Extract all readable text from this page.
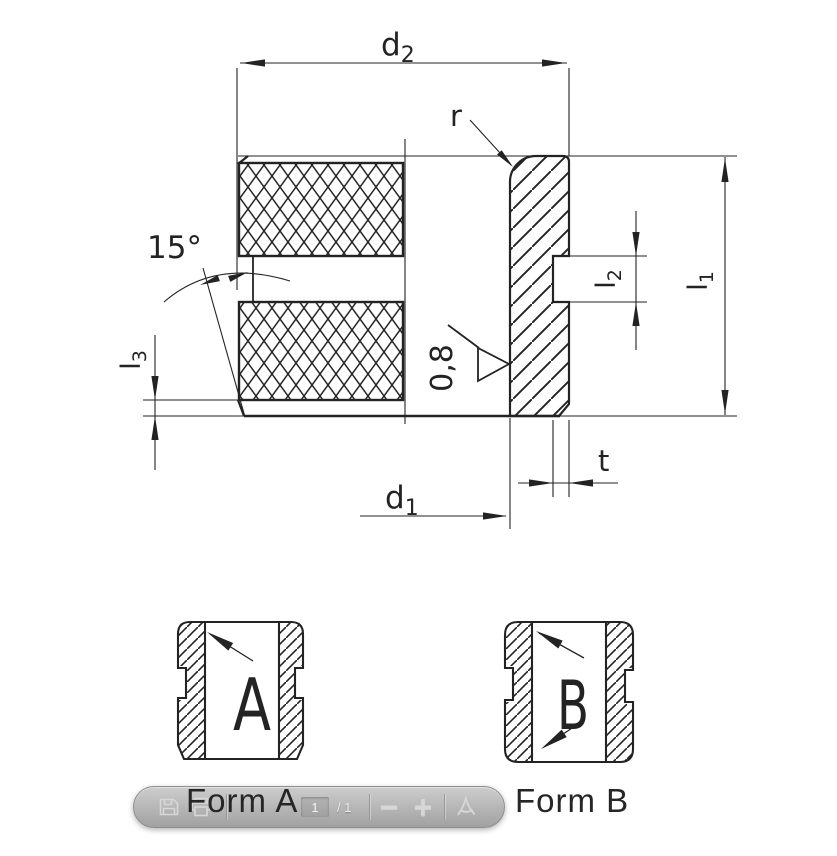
$d_2$
r
15°
$l_3$
$l_2$
$l_1$
0,8
t
$d_1$
A	B
1 / 1 − +
Form A	Form B
